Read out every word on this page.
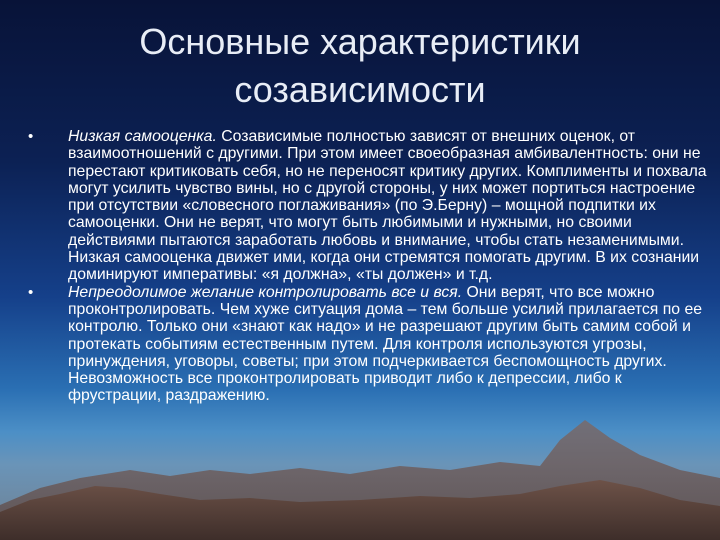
Основные характеристики
созависимости

• Низкая самооценка. Созависимые полностью зависят от внешних оценок, от взаимоотношений с другими. При этом имеет своеобразная амбивалентность: они не перестают критиковать себя, но не переносят критику других. Комплименты и похвала могут усилить чувство вины, но с другой стороны, у них может портиться настроение при отсутствии «словесного поглаживания» (по Э.Берну) – мощной подпитки их самооценки. Они не верят, что могут быть любимыми и нужными, но своими действиями пытаются заработать любовь и внимание, чтобы стать незаменимыми. Низкая самооценка движет ими, когда они стремятся помогать другим. В их сознании доминируют императивы: «я должна», «ты должен» и т.д.

• Непреодолимое желание контролировать все и вся. Они верят, что все можно проконтролировать. Чем хуже ситуация дома – тем больше усилий прилагается по ее контролю. Только они «знают как надо» и не разрешают другим быть самим собой и протекать событиям естественным путем. Для контроля используются угрозы, принуждения, уговоры, советы; при этом подчеркивается беспомощность других. Невозможность все проконтролировать приводит либо к депрессии, либо к фрустрации, раздражению.
